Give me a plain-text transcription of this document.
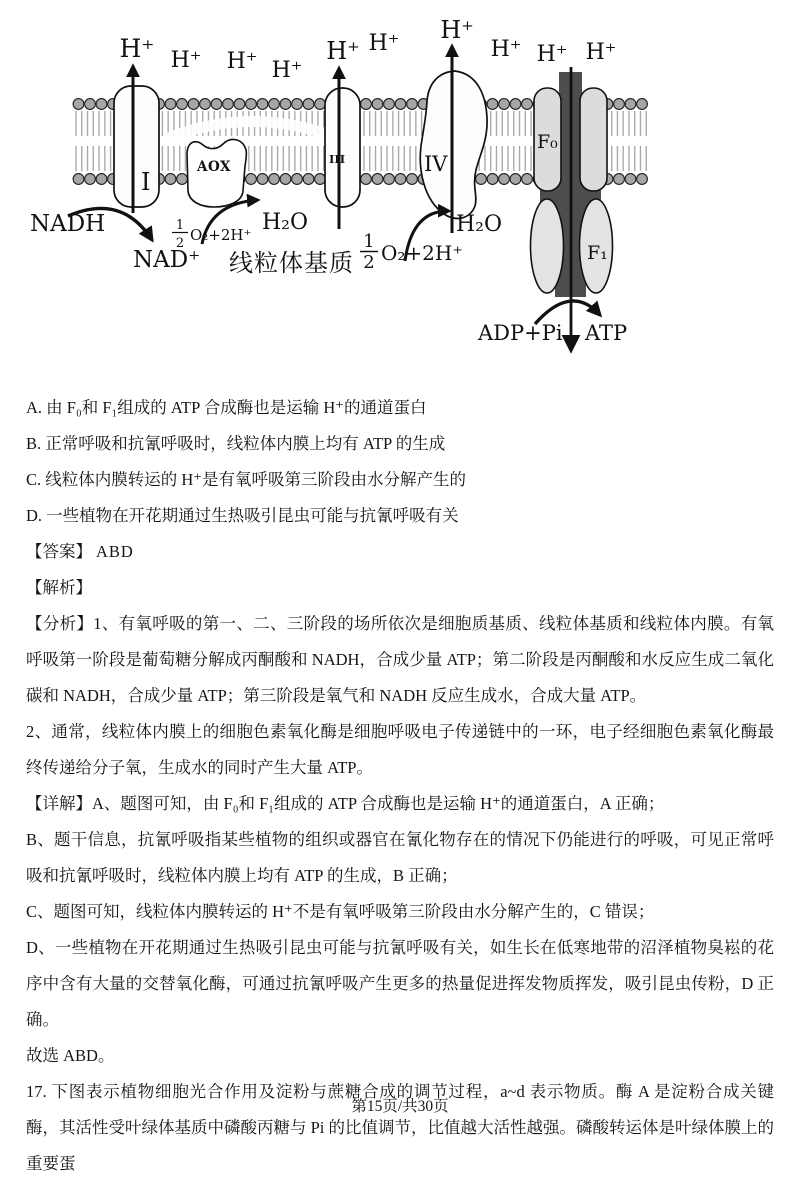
H⁺ H⁺ H⁺ H⁺
H⁺ H⁺ H⁺
H⁺ H⁺ H⁺
I
AOX	III	IV
F₀
F₁
NADH
NAD⁺
1
2 O₂+2H⁺ H₂O
线粒体基质
1
2 O₂+2H⁺
H₂O
ADP+Pi ATP

A. 由 F₀和 F₁组成的 ATP 合成酶也是运输 H⁺的通道蛋白

B. 正常呼吸和抗氰呼吸时，线粒体内膜上均有 ATP 的生成

C. 线粒体内膜转运的 H⁺是有氧呼吸第三阶段由水分解产生的

D. 一些植物在开花期通过生热吸引昆虫可能与抗氰呼吸有关

【答案】 ABD

【解析】

【分析】1、有氧呼吸的第一、二、三阶段的场所依次是细胞质基质、线粒体基质和线粒体内膜。有氧呼吸第一阶段是葡萄糖分解成丙酮酸和 NADH，合成少量 ATP；第二阶段是丙酮酸和水反应生成二氧化碳和 NADH，合成少量 ATP；第三阶段是氧气和 NADH 反应生成水，合成大量 ATP。

2、通常，线粒体内膜上的细胞色素氧化酶是细胞呼吸电子传递链中的一环，电子经细胞色素氧化酶最终传递给分子氧，生成水的同时产生大量 ATP。

【详解】A、题图可知，由 F₀和 F₁组成的 ATP 合成酶也是运输 H⁺的通道蛋白，A 正确；

B、题干信息，抗氰呼吸指某些植物的组织或器官在氰化物存在的情况下仍能进行的呼吸，可见正常呼吸和抗氰呼吸时，线粒体内膜上均有 ATP 的生成，B 正确；

C、题图可知，线粒体内膜转运的 H⁺不是有氧呼吸第三阶段由水分解产生的，C 错误；

D、一些植物在开花期通过生热吸引昆虫可能与抗氰呼吸有关，如生长在低寒地带的沼泽植物臭崧的花序中含有大量的交替氧化酶，可通过抗氰呼吸产生更多的热量促进挥发物质挥发，吸引昆虫传粉，D 正确。

故选 ABD。

17. 下图表示植物细胞光合作用及淀粉与蔗糖合成的调节过程，a~d 表示物质。酶 A 是淀粉合成关键酶，其活性受叶绿体基质中磷酸丙糖与 Pi 的比值调节，比值越大活性越强。磷酸转运体是叶绿体膜上的重要蛋

第15页/共30页
